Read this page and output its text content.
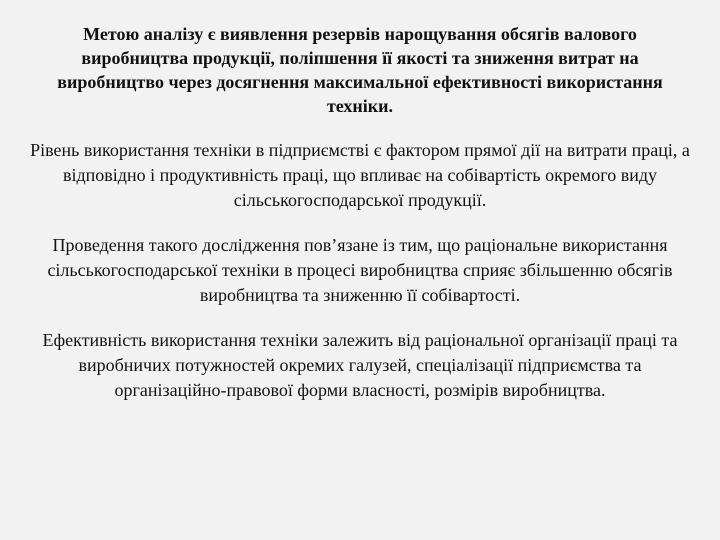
Метою аналізу є виявлення резервів нарощування обсягів валового виробництва продукції, поліпшення її якості та зниження витрат на виробництво через досягнення максимальної ефективності використання техніки.

Рівень використання техніки в підприємстві є фактором прямої дії на витрати праці, а відповідно і продуктивність праці, що впливає на собівартість окремого виду сільськогосподарської продукції.

Проведення такого дослідження пов’язане із тим, що раціональне використання сільськогосподарської техніки в процесі виробництва сприяє збільшенню обсягів виробництва та зниженню її собівартості.

Ефективність використання техніки залежить від раціональної організації праці та виробничих потужностей окремих галузей, спеціалізації підприємства та організаційно-правової форми власності, розмірів виробництва.
